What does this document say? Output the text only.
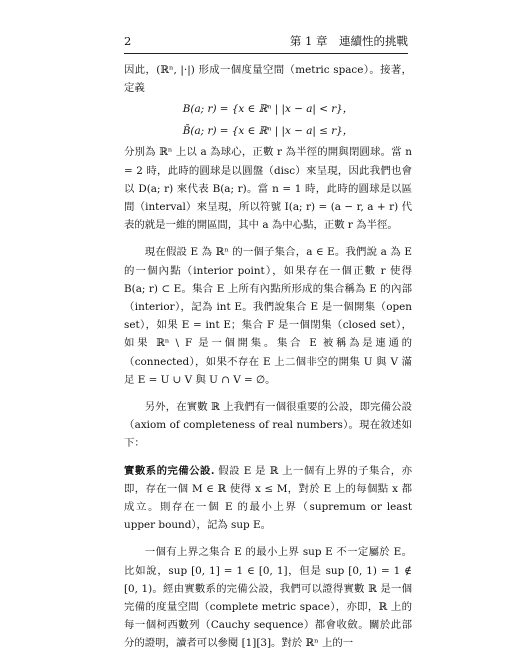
2	第 1 章　連續性的挑戰

因此，(ℝⁿ, |·|) 形成一個度量空間（metric space）。接著，定義

B(a; r) = {x ∈ ℝⁿ | |x − a| < r}，
B̄(a; r) = {x ∈ ℝⁿ | |x − a| ≤ r}，

分別為 ℝⁿ 上以 a 為球心，正數 r 為半徑的開與閉圓球。當 n = 2 時，此時的圓球是以圓盤（disc）來呈現，因此我們也會以 D(a; r) 來代表 B(a; r)。當 n = 1 時，此時的圓球是以區間（interval）來呈現，所以符號 I(a; r) = (a − r, a + r) 代表的就是一維的開區間，其中 a 為中心點，正數 r 為半徑。

現在假設 E 為 ℝⁿ 的一個子集合，a ∈ E。我們說 a 為 E 的一個內點（interior point），如果存在一個正數 r 使得 B(a; r) ⊂ E。集合 E 上所有內點所形成的集合稱為 E 的內部（interior），記為 int E。我們說集合 E 是一個開集（open set），如果 E = int E；集合 F 是一個閉集（closed set），如果 ℝⁿ \ F 是一個開集。集合 E 被稱為是連通的（connected），如果不存在 E 上二個非空的開集 U 與 V 滿足 E = U ∪ V 與 U ∩ V = ∅。

另外，在實數 ℝ 上我們有一個很重要的公設，即完備公設（axiom of completeness of real numbers）。現在敘述如下：

實數系的完備公設. 假設 E 是 ℝ 上一個有上界的子集合，亦即，存在一個 M ∈ ℝ 使得 x ≤ M，對於 E 上的每個點 x 都成立。則存在一個 E 的最小上界（supremum or least upper bound），記為 sup E。

一個有上界之集合 E 的最小上界 sup E 不一定屬於 E。比如說，sup [0, 1] = 1 ∈ [0, 1]，但是 sup [0, 1) = 1 ∉ [0, 1)。經由實數系的完備公設，我們可以證得實數 ℝ 是一個完備的度量空間（complete metric space），亦即，ℝ 上的每一個柯西數列（Cauchy sequence）都會收斂。關於此部分的證明，讀者可以參閱 [1][3]。對於 ℝⁿ 上的一
